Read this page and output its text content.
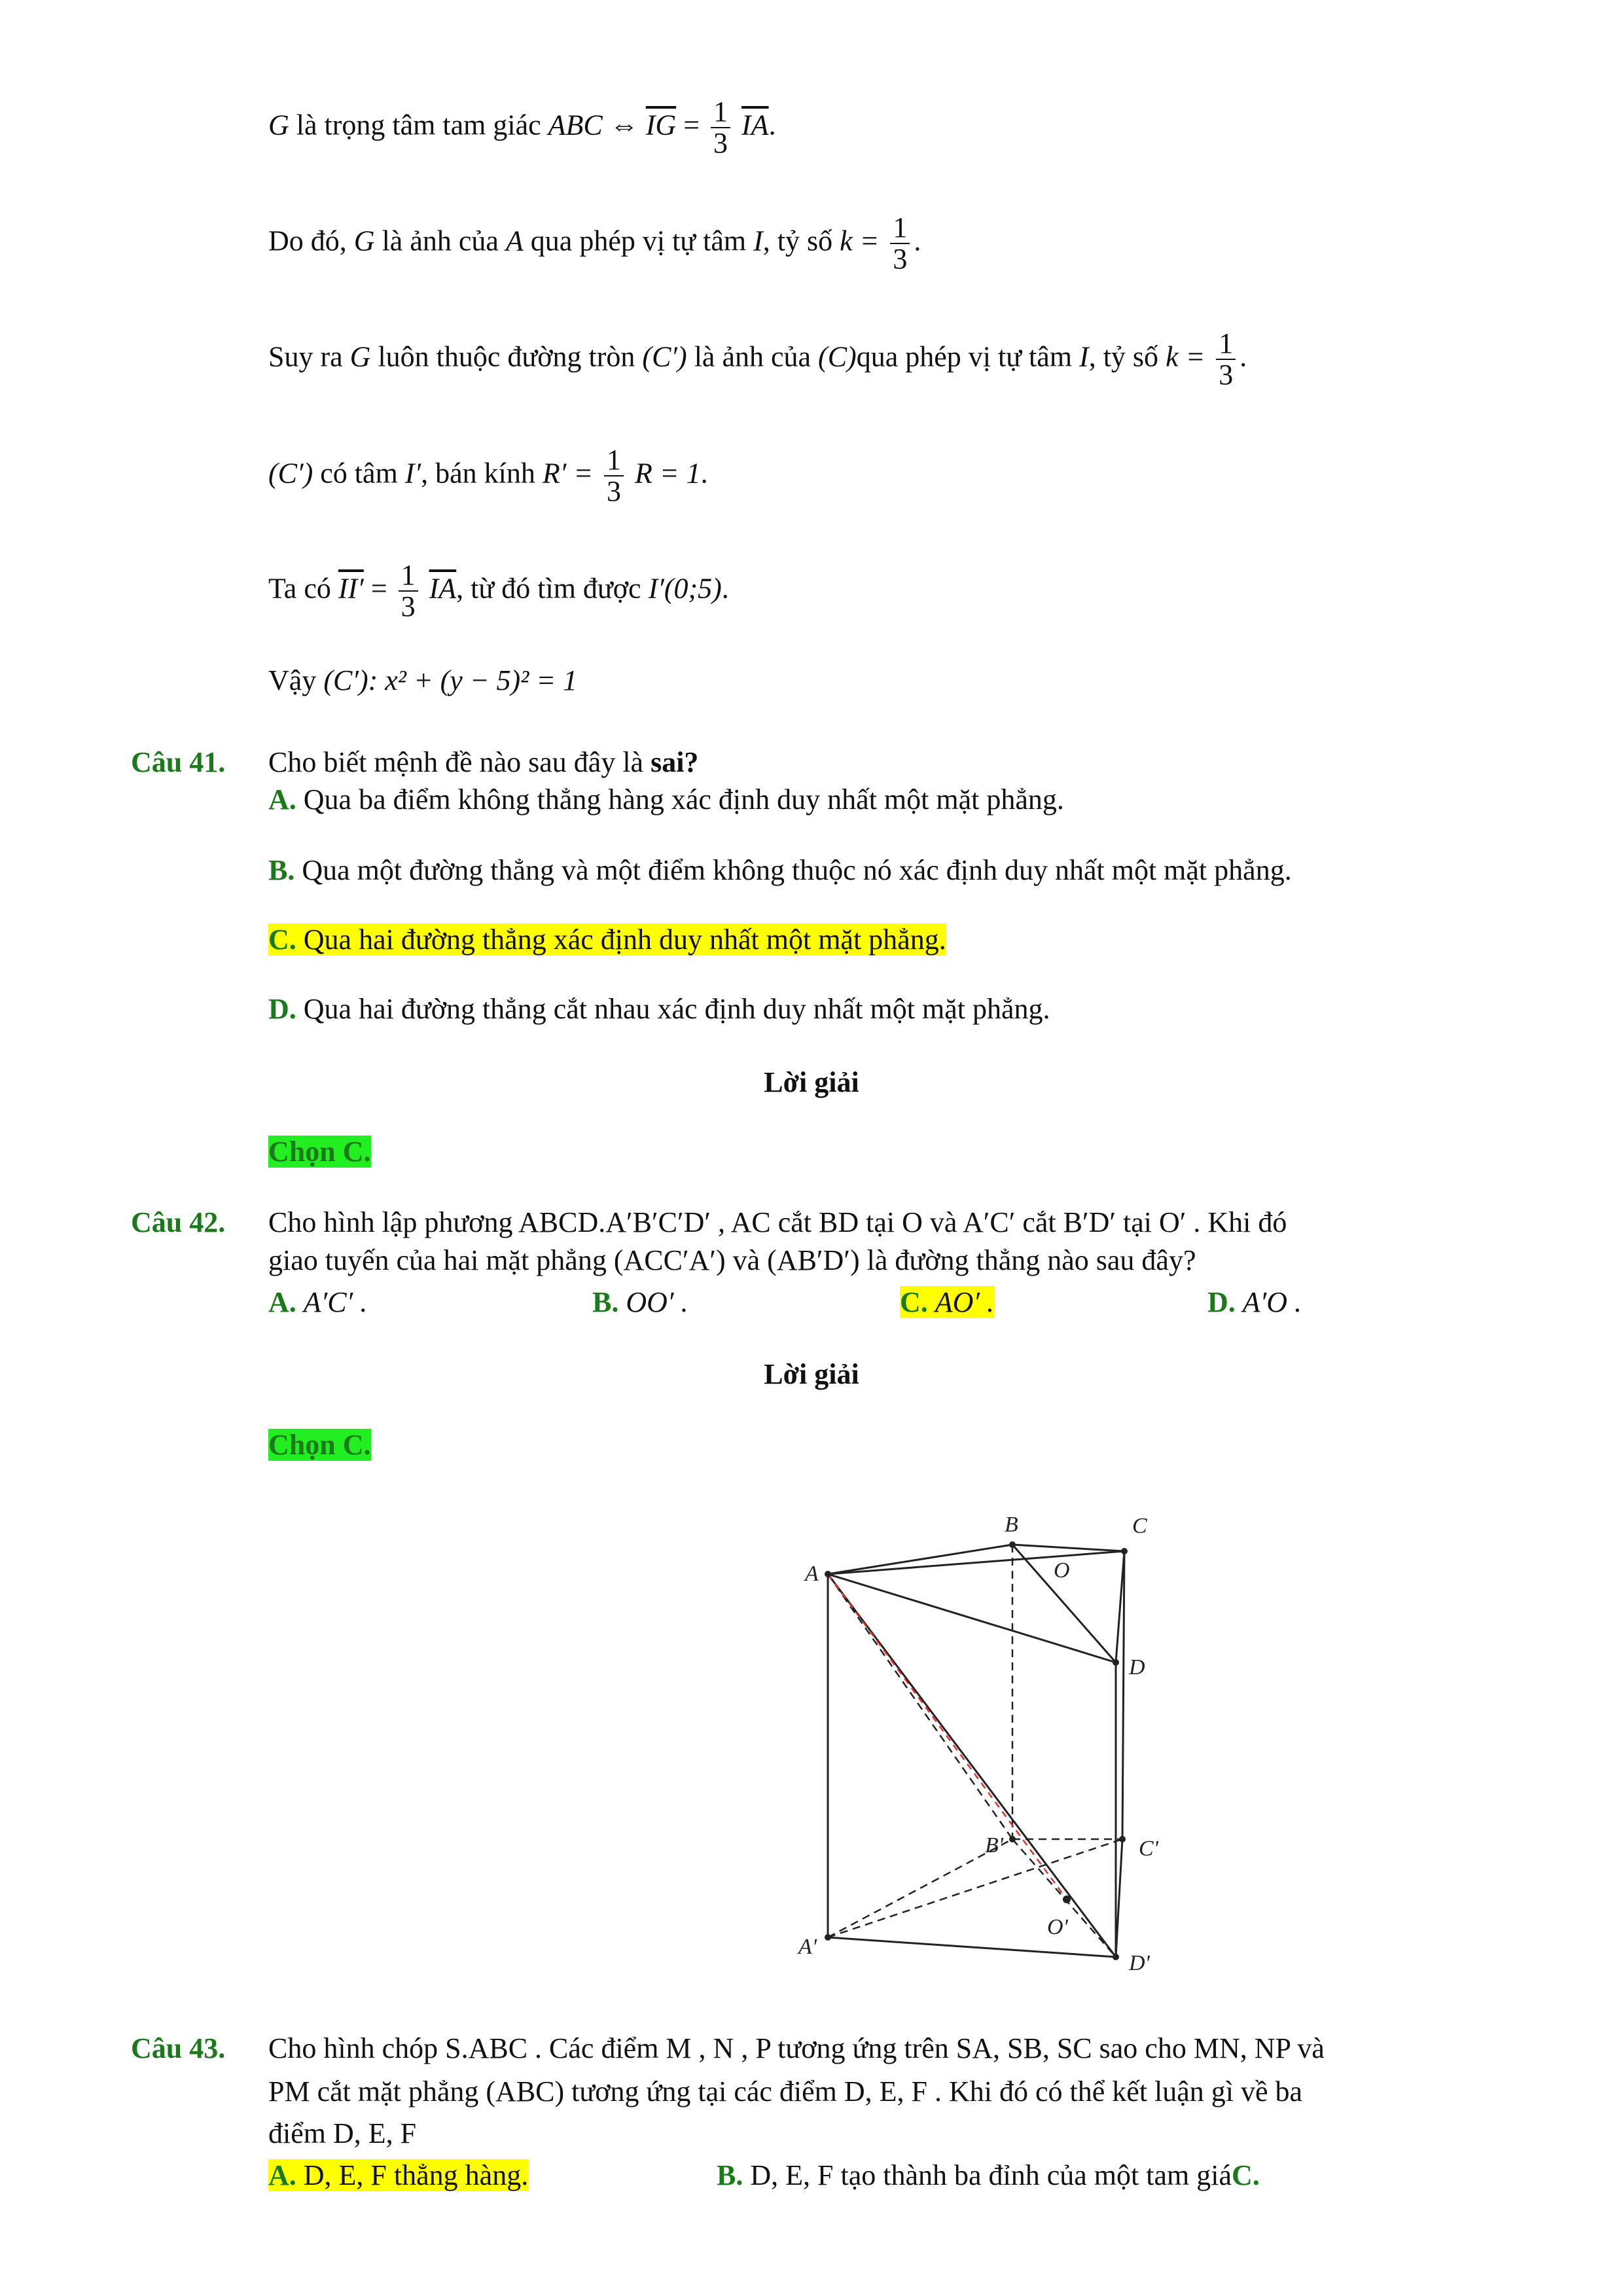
G là trọng tâm tam giác ABC ⇔ $\overline{IG} = \frac{1}{3} \overline{IA}$.
Do đó, G là ảnh của A qua phép vị tự tâm I, tỷ số $k = \frac{1}{3}$ .
Suy ra G luôn thuộc đường tròn (C′) là ảnh của (C)qua phép vị tự tâm I, tỷ số $k = \frac{1}{3}$ .
(C′) có tâm I′, bán kính $R' = \frac{1}{3}$ R = 1.
Ta có $II' = \frac{1}{3} \overline{IA}$, từ đó tìm được I′(0;5).
Vậy (C′): x² + (y − 5)² = 1
Câu 41. Cho biết mệnh đề nào sau đây là sai?
A. Qua ba điểm không thẳng hàng xác định duy nhất một mặt phẳng.
B. Qua một đường thẳng và một điểm không thuộc nó xác định duy nhất một mặt phẳng.
C. Qua hai đường thẳng xác định duy nhất một mặt phẳng.
D. Qua hai đường thẳng cắt nhau xác định duy nhất một mặt phẳng.
Lời giải
Chọn C.
Câu 42. Cho hình lập phương ABCD.A′B′C′D′ , AC cắt BD tại O và A′C′ cắt B′D′ tại O′ . Khi đó
giao tuyến của hai mặt phẳng (ACC′A′) và (AB′D′) là đường thẳng nào sau đây?
A. A′C′ .	B. OO′ .	C. AO′ .	D. A′O .
Lời giải
Chọn C.
B	C
O
A
D
B'	C'
O'
A'
D'
Câu 43. Cho hình chóp S.ABC . Các điểm M , N , P tương ứng trên SA, SB, SC sao cho MN, NP và
PM cắt mặt phẳng (ABC) tương ứng tại các điểm D, E, F . Khi đó có thể kết luận gì về ba
điểm D, E, F
A. D, E, F thẳng hàng.	B. D, E, F tạo thành ba đỉnh của một tam giáC.
